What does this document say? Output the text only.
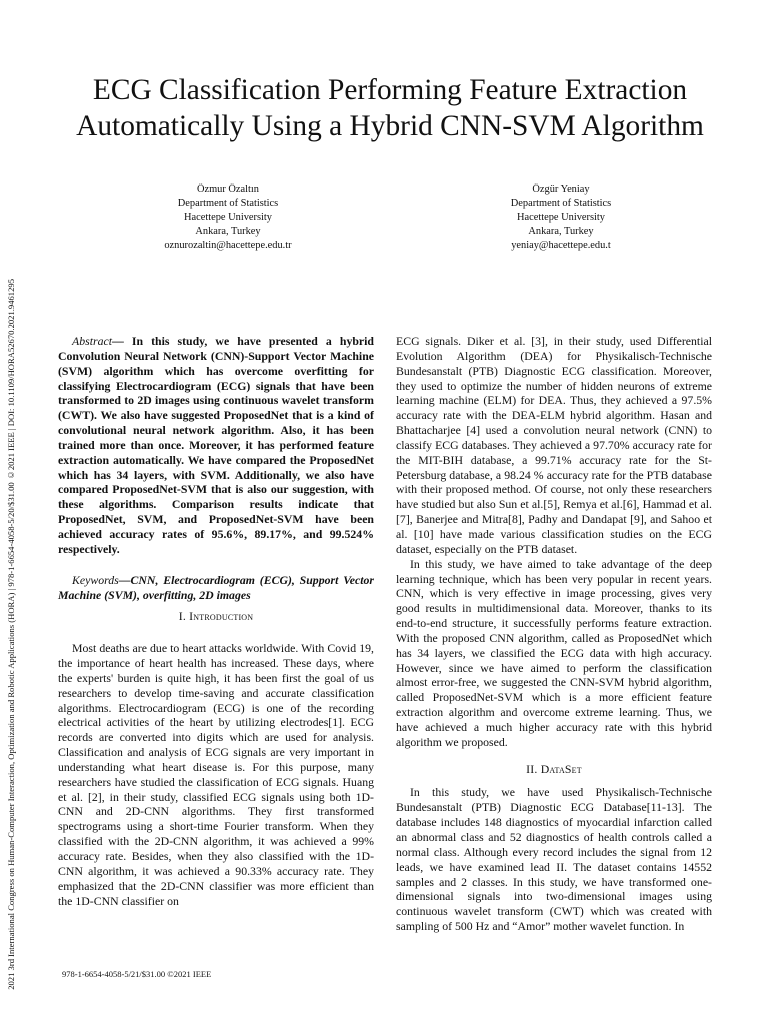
2021 3rd International Congress on Human-Computer Interaction, Optimization and Robotic Applications (HORA) | 978-1-6654-4058-5/20/$31.00 ©2021 IEEE | DOI: 10.1109/HORA52670.2021.9461295
ECG Classification Performing Feature Extraction
Automatically Using a Hybrid CNN-SVM Algorithm
Özmur Özaltın
Department of Statistics
Hacettepe University
Ankara, Turkey
oznurozaltin@hacettepe.edu.tr
Özgür Yeniay
Department of Statistics
Hacettepe University
Ankara, Turkey
yeniay@hacettepe.edu.t

Abstract— In this study, we have presented a hybrid Convolution Neural Network (CNN)-Support Vector Machine (SVM) algorithm which has overcome overfitting for classifying Electrocardiogram (ECG) signals that have been transformed to 2D images using continuous wavelet transform (CWT). We also have suggested ProposedNet that is a kind of convolutional neural network algorithm. Also, it has been trained more than once. Moreover, it has performed feature extraction automatically. We have compared the ProposedNet which has 34 layers, with SVM. Additionally, we also have compared ProposedNet-SVM that is also our suggestion, with these algorithms. Comparison results indicate that ProposedNet, SVM, and ProposedNet-SVM have been achieved accuracy rates of 95.6%, 89.17%, and 99.524% respectively.

Keywords—CNN, Electrocardiogram (ECG), Support Vector Machine (SVM), overfitting, 2D images

I. Introduction

Most deaths are due to heart attacks worldwide. With Covid 19, the importance of heart health has increased. These days, where the experts' burden is quite high, it has been first the goal of us researchers to develop time-saving and accurate classification algorithms. Electrocardiogram (ECG) is one of the recording electrical activities of the heart by utilizing electrodes[1]. ECG records are converted into digits which are used for analysis. Classification and analysis of ECG signals are very important in understanding what heart disease is. For this purpose, many researchers have studied the classification of ECG signals. Huang et al. [2], in their study, classified ECG signals using both 1D-CNN and 2D-CNN algorithms. They first transformed spectrograms using a short-time Fourier transform. When they classified with the 2D-CNN algorithm, it was achieved a 99% accuracy rate. Besides, when they also classified with the 1D-CNN algorithm, it was achieved a 90.33% accuracy rate. They emphasized that the 2D-CNN classifier was more efficient than the 1D-CNN classifier on

ECG signals. Diker et al. [3], in their study, used Differential Evolution Algorithm (DEA) for Physikalisch-Technische Bundesanstalt (PTB) Diagnostic ECG classification. Moreover, they used to optimize the number of hidden neurons of extreme learning machine (ELM) for DEA. Thus, they achieved a 97.5% accuracy rate with the DEA-ELM hybrid algorithm. Hasan and Bhattacharjee [4] used a convolution neural network (CNN) to classify ECG databases. They achieved a 97.70% accuracy rate for the MIT-BIH database, a 99.71% accuracy rate for the St-Petersburg database, a 98.24 % accuracy rate for the PTB database with their proposed method. Of course, not only these researchers have studied but also Sun et al.[5], Remya et al.[6], Hammad et al. [7], Banerjee and Mitra[8], Padhy and Dandapat [9], and Sahoo et al. [10] have made various classification studies on the ECG dataset, especially on the PTB dataset.

In this study, we have aimed to take advantage of the deep learning technique, which has been very popular in recent years. CNN, which is very effective in image processing, gives very good results in multidimensional data. Moreover, thanks to its end-to-end structure, it successfully performs feature extraction. With the proposed CNN algorithm, called as ProposedNet which has 34 layers, we classified the ECG data with high accuracy. However, since we have aimed to perform the classification almost error-free, we suggested the CNN-SVM hybrid algorithm, called ProposedNet-SVM which is a more efficient feature extraction algorithm and overcome extreme learning. Thus, we have achieved a much higher accuracy rate with this hybrid algorithm we proposed.

II. DataSet

In this study, we have used Physikalisch-Technische Bundesanstalt (PTB) Diagnostic ECG Database[11-13]. The database includes 148 diagnostics of myocardial infarction called an abnormal class and 52 diagnostics of health controls called a normal class. Although every record includes the signal from 12 leads, we have examined lead II. The dataset contains 14552 samples and 2 classes. In this study, we have transformed one-dimensional signals into two-dimensional images using continuous wavelet transform (CWT) which was created with sampling of 500 Hz and “Amor” mother wavelet function. In

978-1-6654-4058-5/21/$31.00 ©2021 IEEE
